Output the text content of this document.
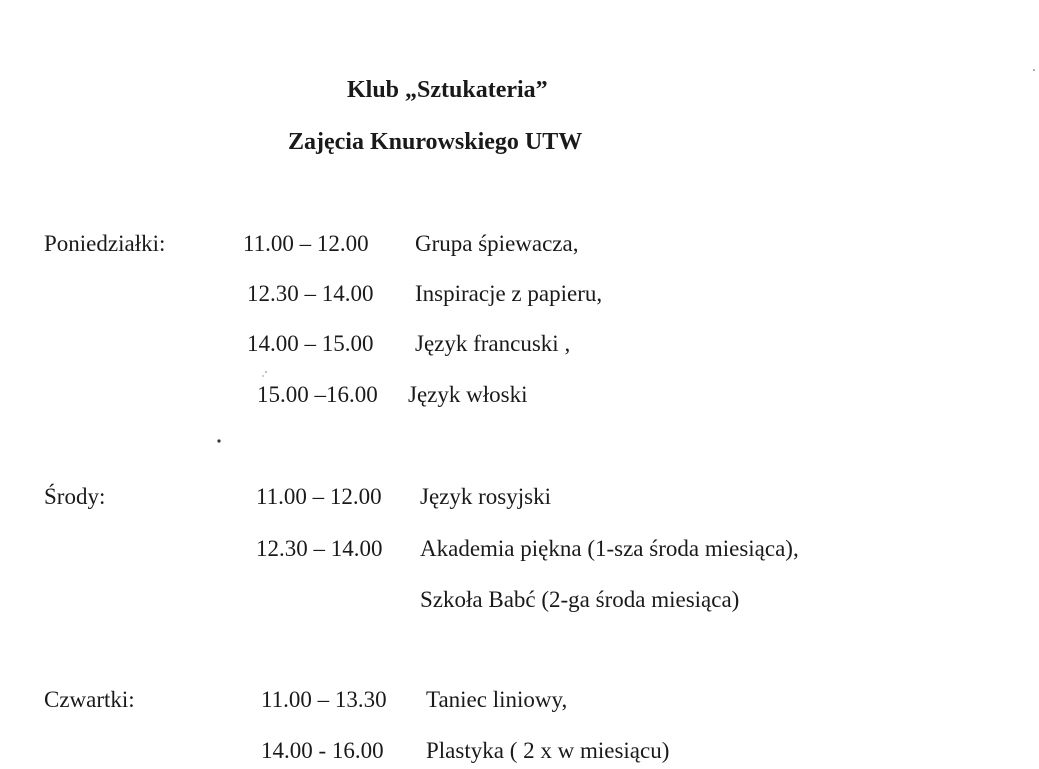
Klub „Sztukateria”
Zajęcia Knurowskiego UTW
Poniedziałki:	11.00 – 12.00 Grupa śpiewacza,
12.30 – 14.00 Inspiracje z papieru,
14.00 – 15.00 Język francuski ,
15.00 –16.00 Język włoski
Środy:	11.00 – 12.00 Język rosyjski
12.30 – 14.00 Akademia piękna (1-sza środa miesiąca),
Szkoła Babć (2-ga środa miesiąca)
Czwartki:	11.00 – 13.30 Taniec liniowy,
14.00 - 16.00 Plastyka ( 2 x w miesiącu)
